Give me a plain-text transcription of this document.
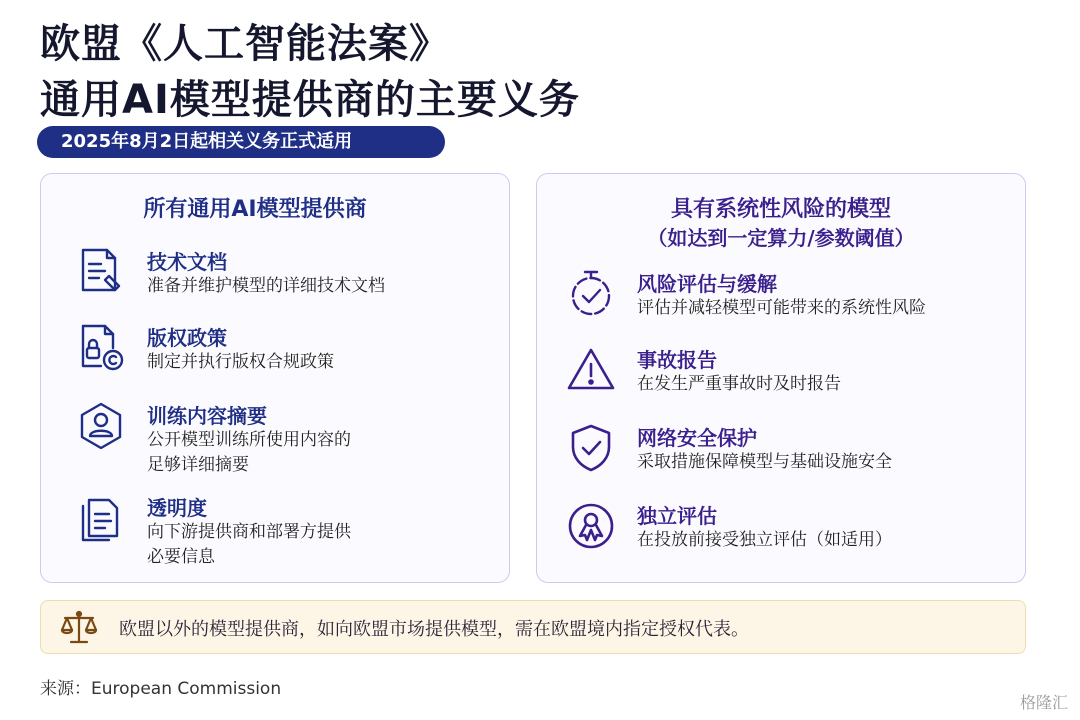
欧盟《人工智能法案》
通用AI模型提供商的主要义务
2025年8月2日起相关义务正式适用
所有通用AI模型提供商
技术文档
准备并维护模型的详细技术文档
版权政策
制定并执行版权合规政策
训练内容摘要
公开模型训练所使用内容的
足够详细摘要
透明度
向下游提供商和部署方提供
必要信息
具有系统性风险的模型
（如达到一定算力/参数阈值）
风险评估与缓解
评估并减轻模型可能带来的系统性风险
事故报告
在发生严重事故时及时报告
网络安全保护
采取措施保障模型与基础设施安全
独立评估
在投放前接受独立评估（如适用）
欧盟以外的模型提供商，如向欧盟市场提供模型，需在欧盟境内指定授权代表。
来源：European Commission
格隆汇
